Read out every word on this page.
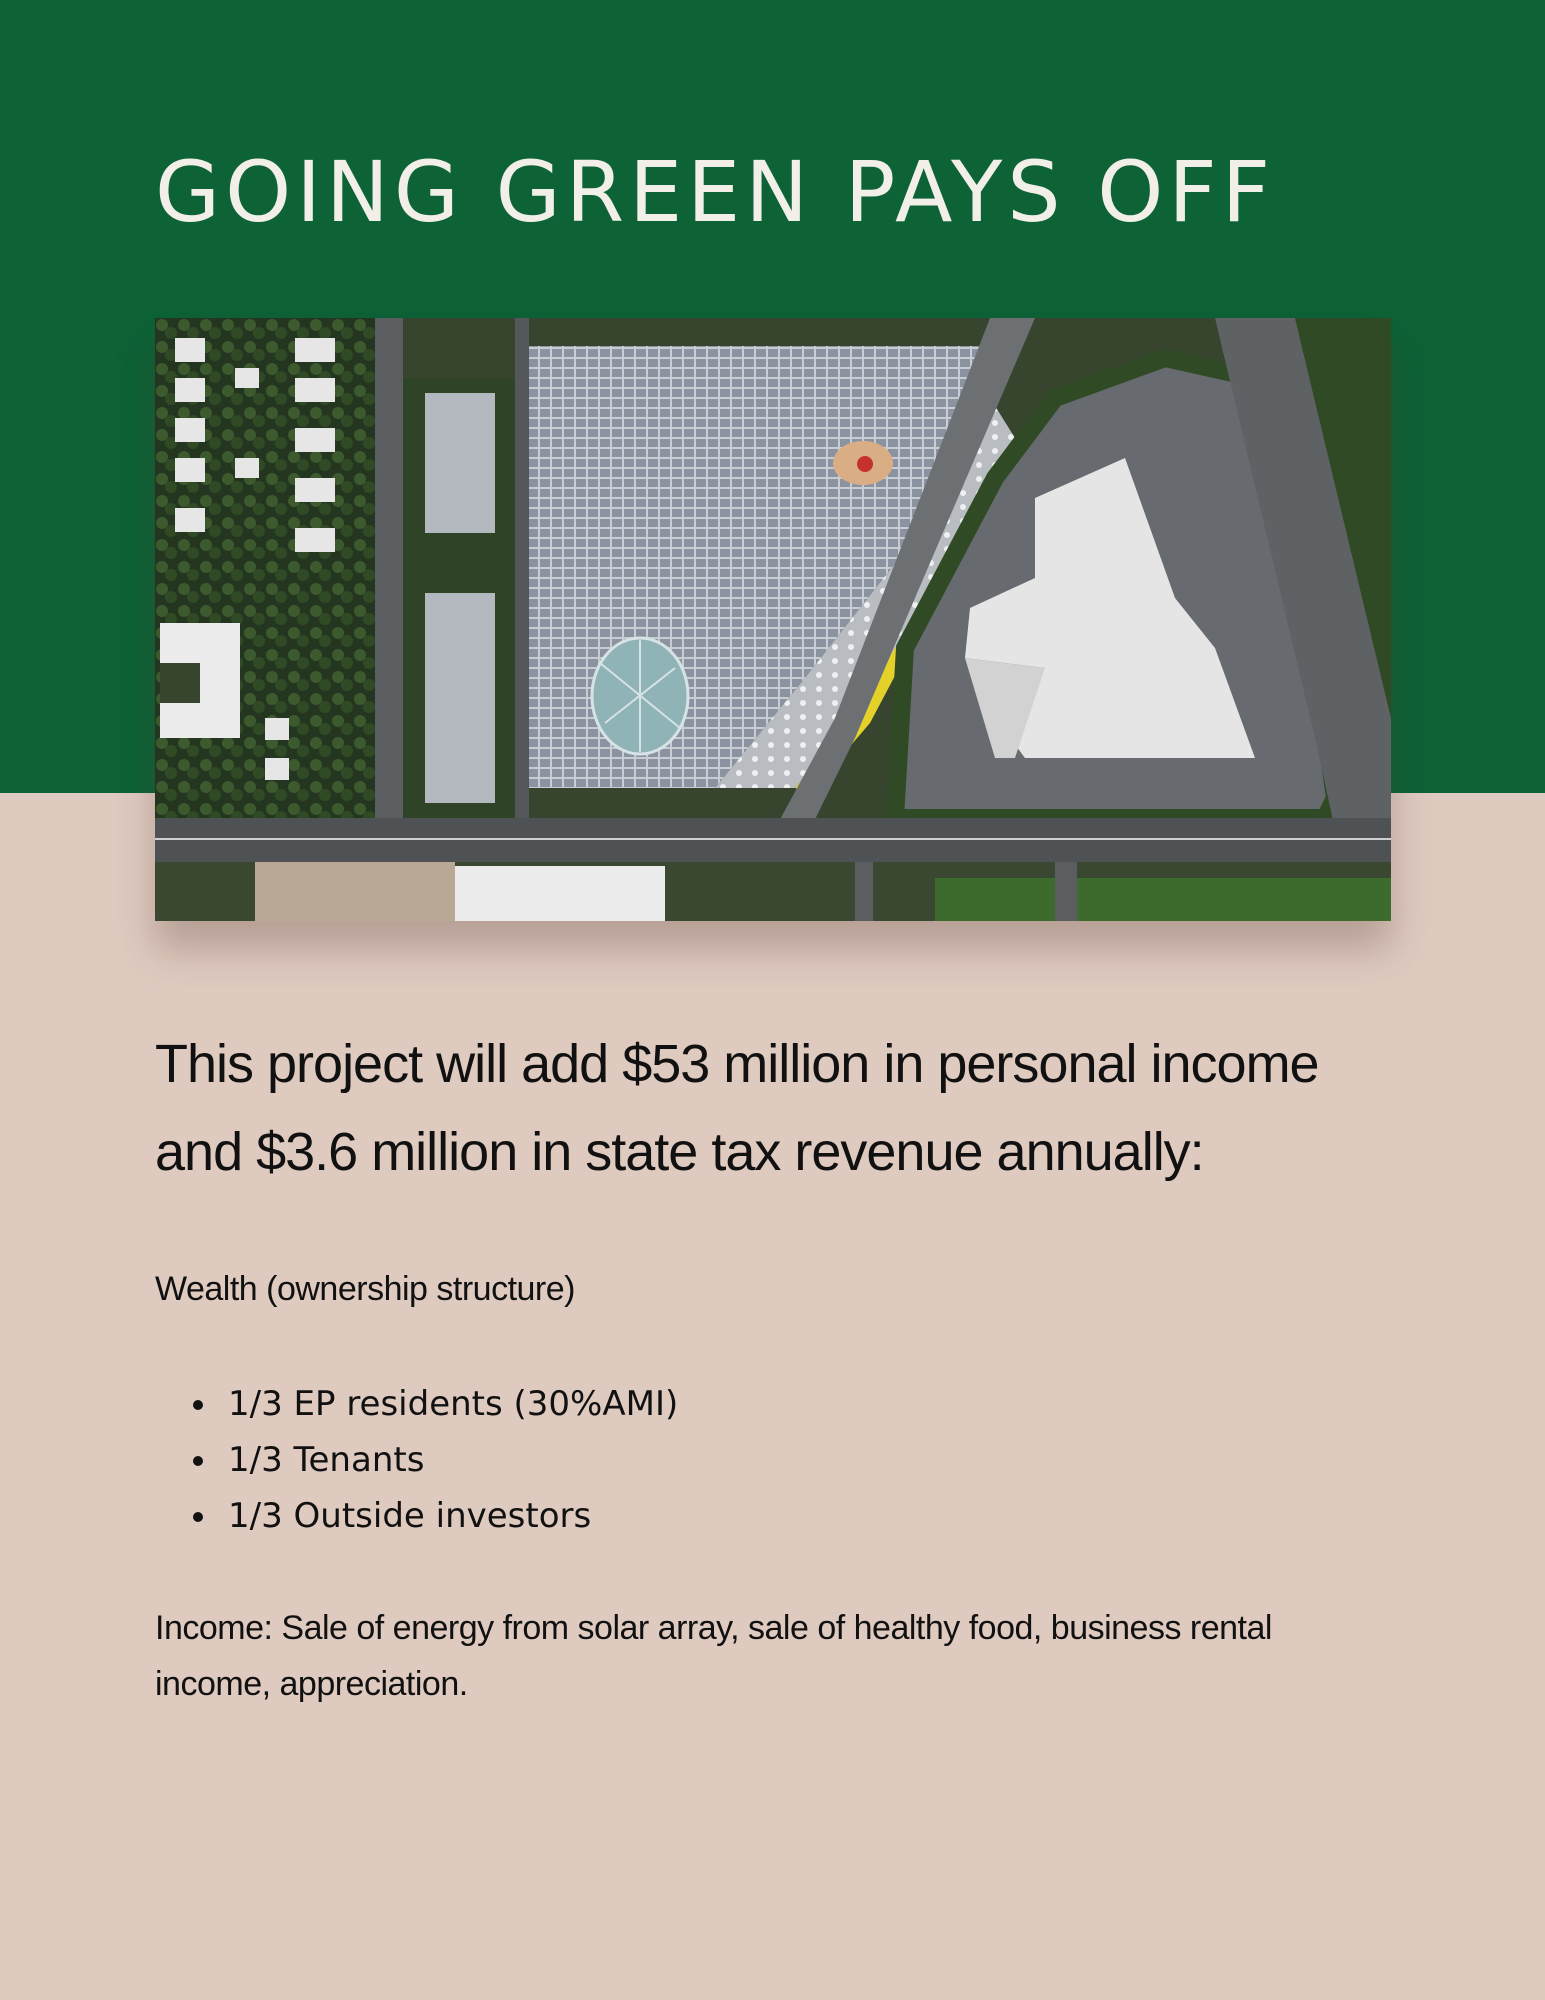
GOING GREEN PAYS OFF

This project will add $53 million in personal income and $3.6 million in state tax revenue annually:

Wealth (ownership structure)

• 1/3 EP residents (30%AMI)
• 1/3 Tenants
• 1/3 Outside investors

Income: Sale of energy from solar array, sale of healthy food, business rental income, appreciation.
